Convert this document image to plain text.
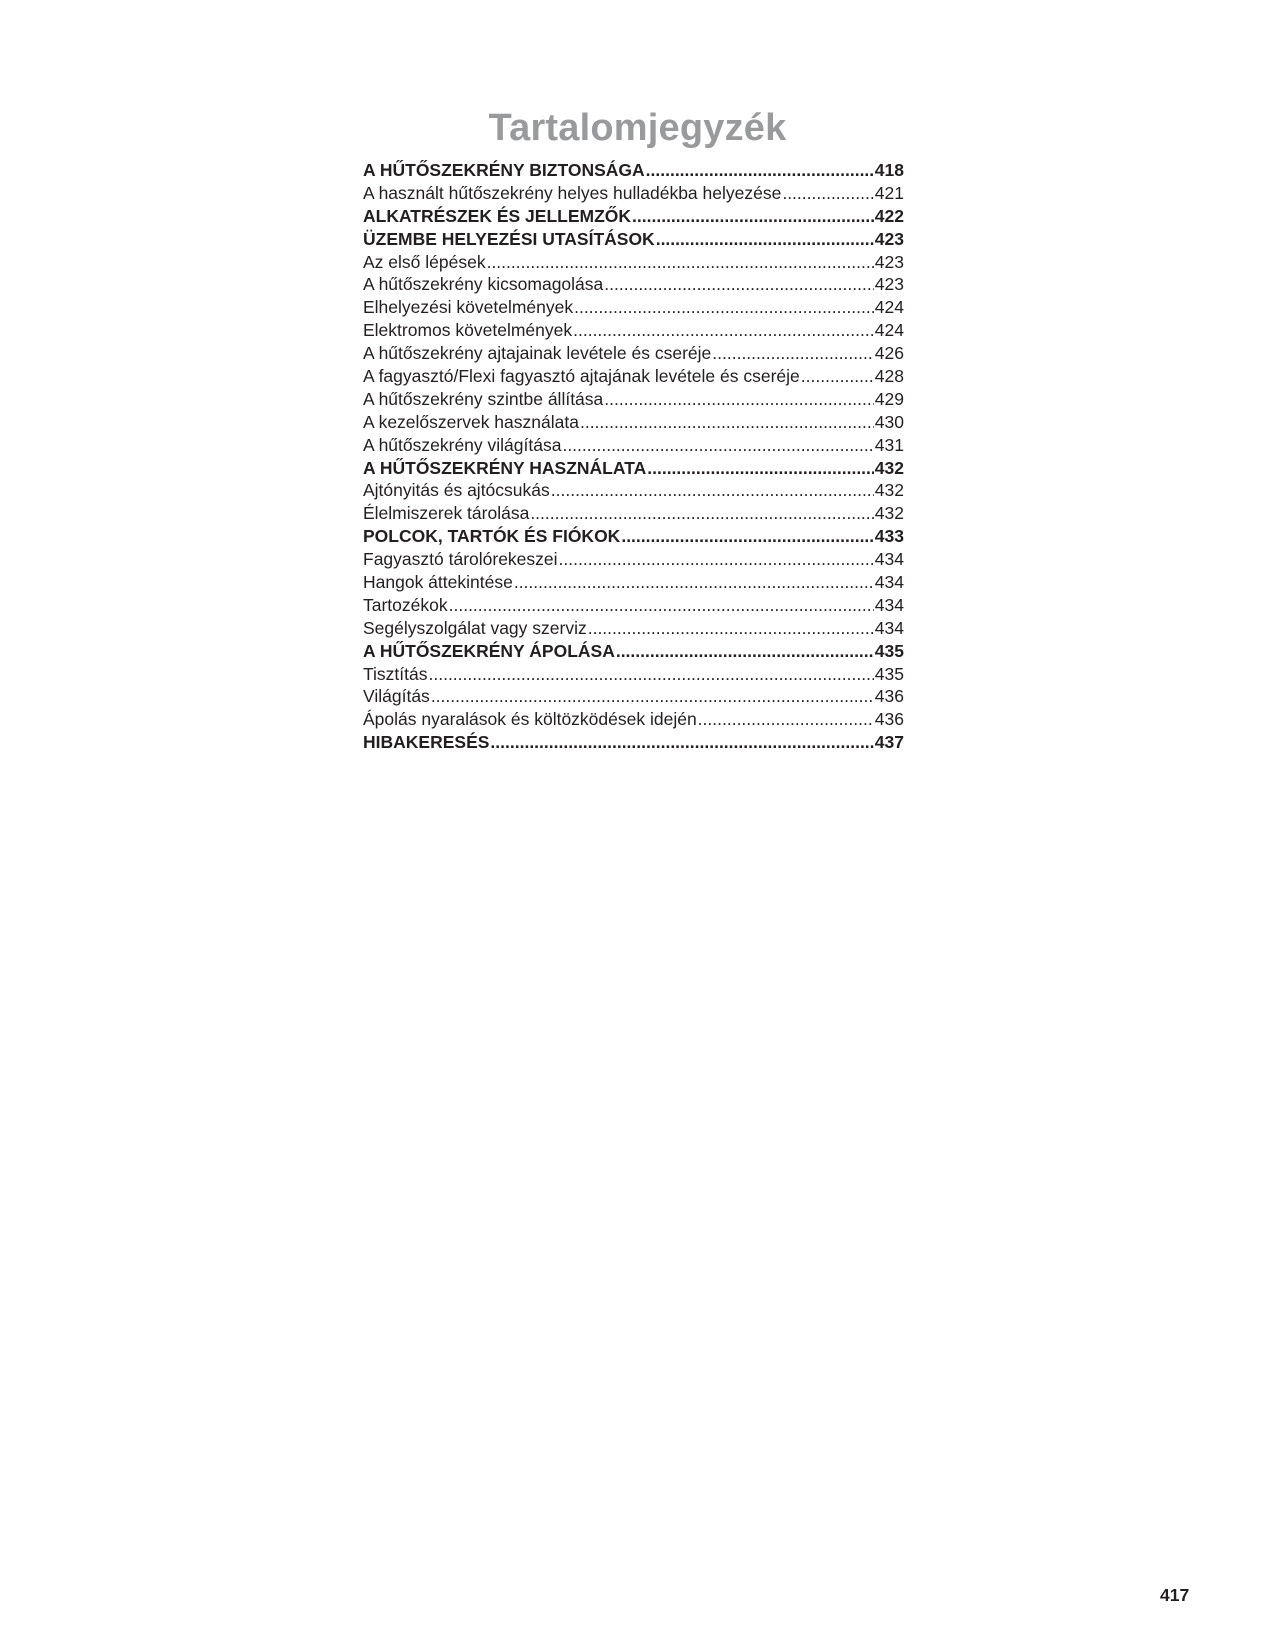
Tartalomjegyzék
A HŰTŐSZEKRÉNY BIZTONSÁGA .....	418
A használt hűtőszekrény helyes hulladékba helyezése .....	421
ALKATRÉSZEK ÉS JELLEMZŐK .....	422
ÜZEMBE HELYEZÉSI UTASÍTÁSOK .....	423
Az első lépések .....	423
A hűtőszekrény kicsomagolása .....	423
Elhelyezési követelmények .....	424
Elektromos követelmények .....	424
A hűtőszekrény ajtajainak levétele és cseréje .....	426
A fagyasztó/Flexi fagyasztó ajtajának levétele és cseréje .....	428
A hűtőszekrény szintbe állítása .....	429
A kezelőszervek használata .....	430
A hűtőszekrény világítása .....	431
A HŰTŐSZEKRÉNY HASZNÁLATA .....	432
Ajtónyitás és ajtócsukás .....	432
Élelmiszerek tárolása .....	432
POLCOK, TARTÓK ÉS FIÓKOK .....	433
Fagyasztó tárolórekeszei .....	434
Hangok áttekintése .....	434
Tartozékok .....	434
Segélyszolgálat vagy szerviz .....	434
A HŰTŐSZEKRÉNY ÁPOLÁSA .....	435
Tisztítás .....	435
Világítás .....	436
Ápolás nyaralások és költözködések idején .....	436
HIBAKERESÉS .....	437
417
